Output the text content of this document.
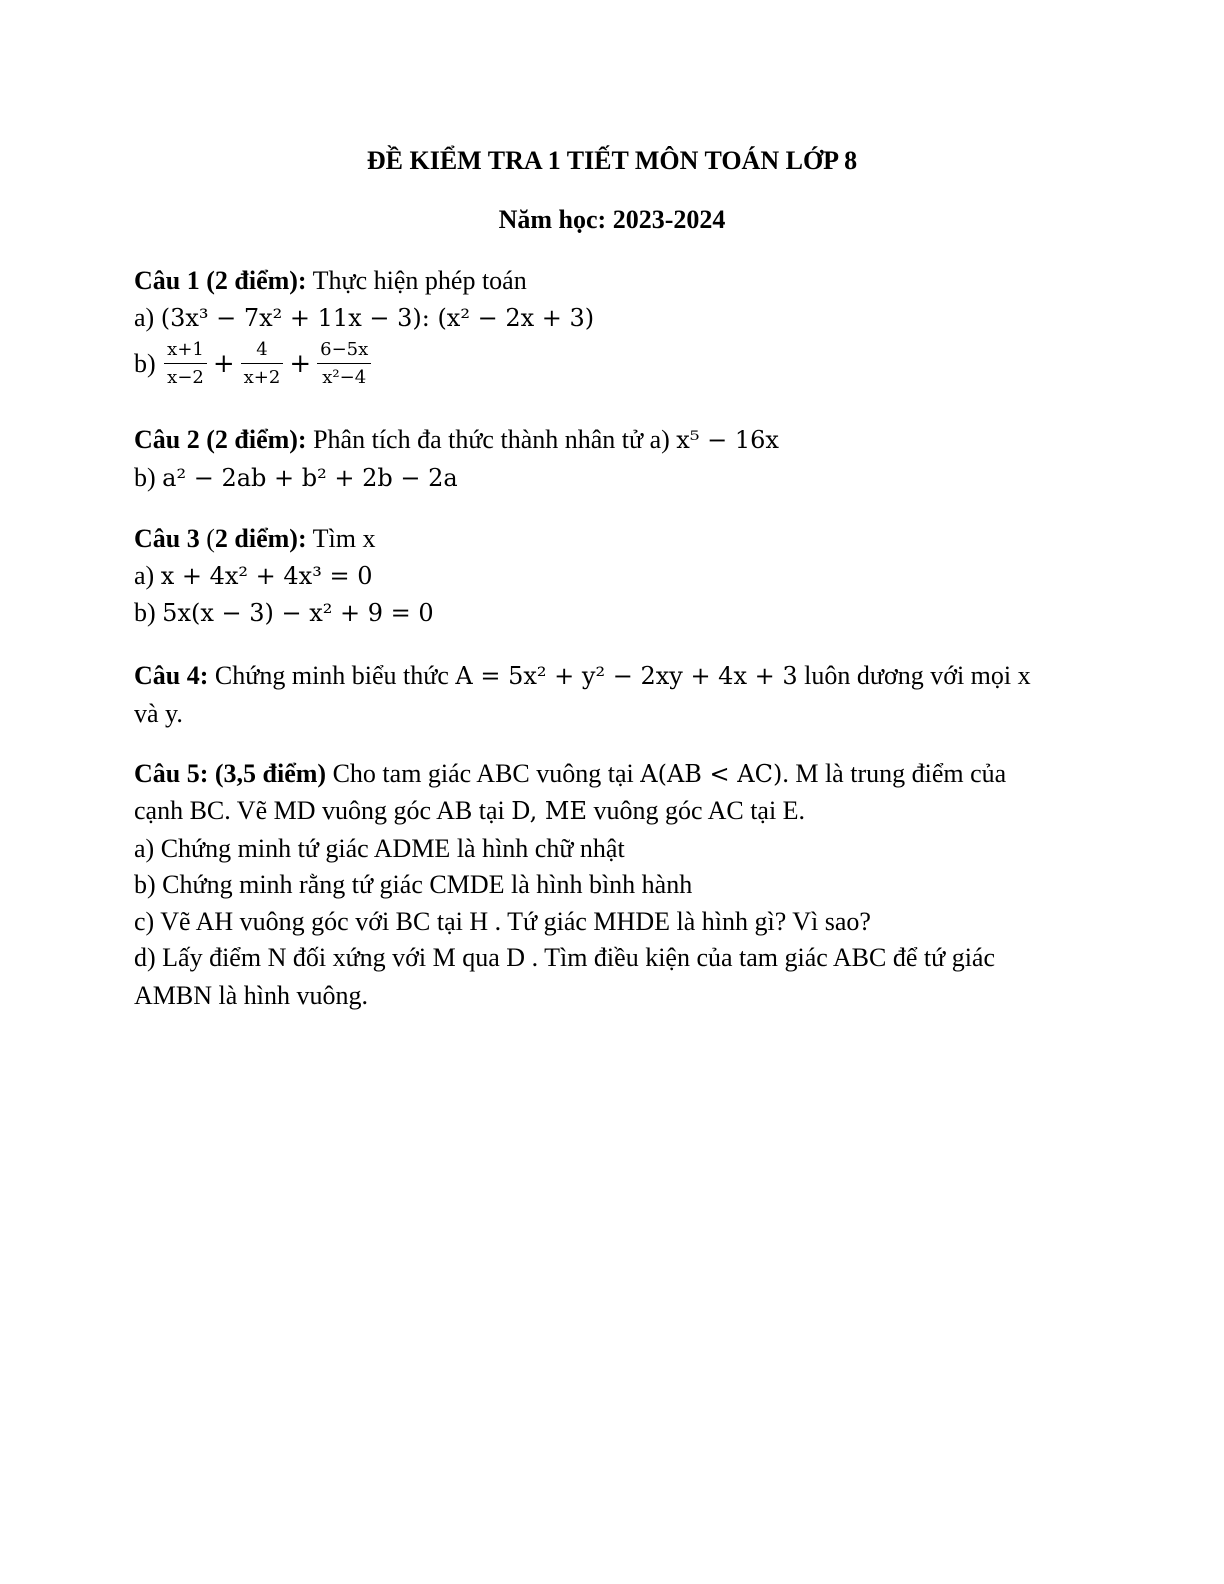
ĐỀ KIỂM TRA 1 TIẾT MÔN TOÁN LỚP 8
Năm học: 2023-2024
Câu 1 (2 điểm): Thực hiện phép toán
a) (3x³ − 7x² + 11x − 3): (x² − 2x + 3)
$b) \frac{x+1}{x-2} + \frac{4}{x+2} + \frac{6-5x}{\text{x²−4}}$
Câu 2 (2 điểm): Phân tích đa thức thành nhân tử a) x⁵ − 16x
b) a² − 2ab + b² + 2b − 2a
Câu 3 (2 diểm): Tìm x
a) x + 4x² + 4x³ = 0
b) 5x(x − 3) − x² + 9 = 0
Câu 4: Chứng minh biểu thức A = 5x² + y² − 2xy + 4x + 3 luôn dương với mọi x
và y.
Câu 5: (3,5 điểm) Cho tam giác ABC vuông tại A(AB < AC). M là trung điểm của
cạnh BC. Vẽ MD vuông góc AB tại D, ME vuông góc AC tại E.
a) Chứng minh tứ giác ADME là hình chữ nhật
b) Chứng minh rằng tứ giác CMDE là hình bình hành
c) Vẽ AH vuông góc với BC tại H . Tứ giác MHDE là hình gì? Vì sao?
d) Lấy điểm N đối xứng với M qua D . Tìm điều kiện của tam giác ABC để tứ giác
AMBN là hình vuông.
